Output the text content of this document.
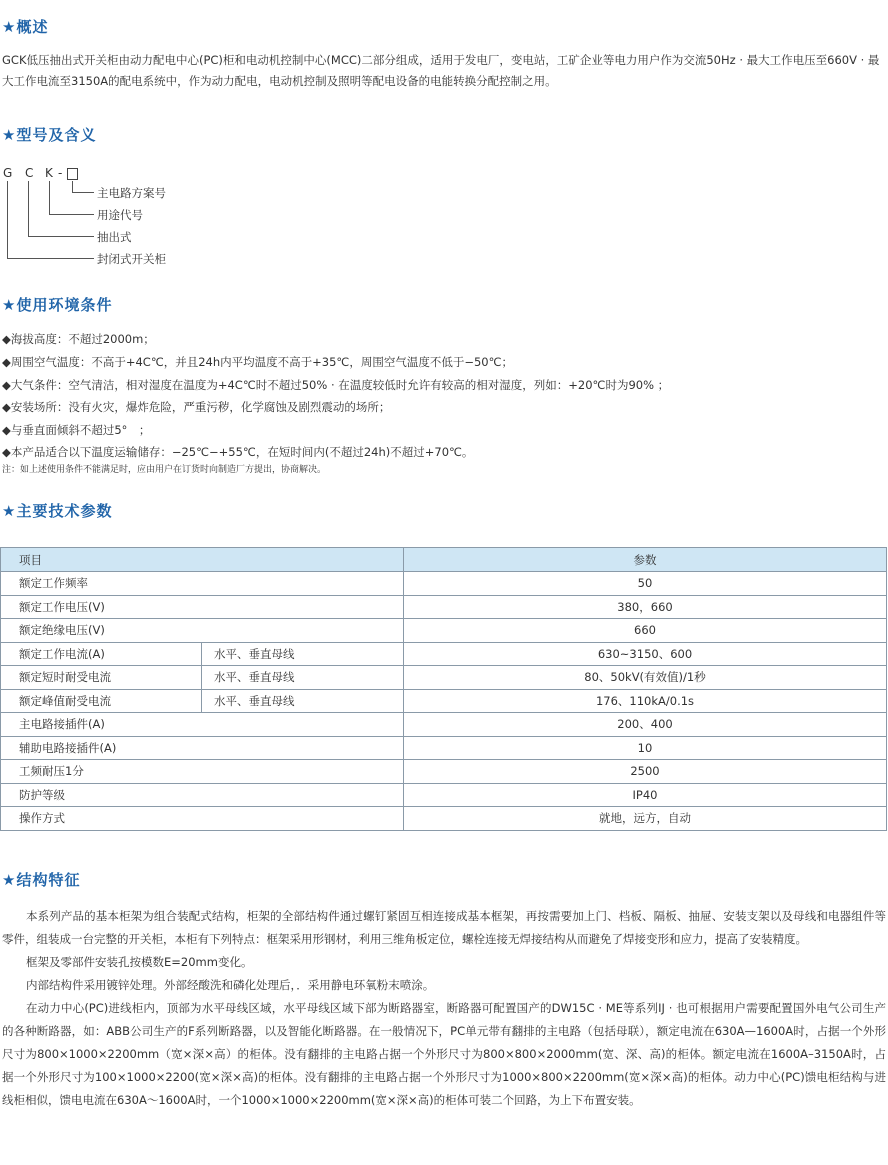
★概述
GCK低压抽出式开关柜由动力配电中心(PC)柜和电动机控制中心(MCC)二部分组成，适用于发电厂，变电站，工矿企业等电力用户作为交流50Hz · 最大工作电压至660V · 最大工作电流至3150A的配电系统中，作为动力配电，电动机控制及照明等配电设备的电能转换分配控制之用。
★型号及含义
G C K -
主电路方案号
用途代号
抽出式
封闭式开关柜
★使用环境条件
◆海拔高度：不超过2000m；
◆周围空气温度：不高于+4C℃，并且24h内平均温度不高于+35℃，周围空气温度不低于−50℃；
◆大气条件：空气清洁，相对湿度在温度为+4C℃时不超过50% · 在温度较低时允许有较高的相对湿度，列如：+20℃时为90% ；
◆安装场所：没有火灾，爆炸危险，严重污秽，化学腐蚀及剧烈震动的场所；
◆与垂直面倾斜不超过5°　；
◆本产品适合以下温度运输储存：−25℃−+55℃，在短时间内(不超过24h)不超过+70℃。
注：如上述使用条件不能满足时，应由用户在订货时向制造厂方提出，协商解决。
★主要技术参数
项目		参数
额定工作频率		50
额定工作电压(V)		380，660
额定绝缘电压(V)		660
额定工作电流(A)	水平、垂直母线	630~3150、600
额定短时耐受电流	水平、垂直母线	80、50kV(有效值)/1秒
额定峰值耐受电流	水平、垂直母线	176、110kA/0.1s
主电路接插件(A)		200、400
辅助电路接插件(A)		10
工频耐压1分		2500
防护等级		IP40
操作方式		就地，远方，自动
★结构特征

本系列产品的基本柜架为组合装配式结构，柜架的全部结构件通过螺钉紧固互相连接成基本框架，再按需要加上门、档板、隔板、抽屉、安装支架以及母线和电器组件等零件，组装成一台完整的开关柜，本柜有下列特点：框架采用形钢材，利用三维角板定位，螺栓连接无焊接结构从而避免了焊接变形和应力，提高了安装精度。

框架及零部件安装孔按模数E=20mm变化。

内部结构件采用镀锌处理。外部经酸洗和磷化处理后，．采用静电环氧粉末喷涂。

在动力中心(PC)进线柜内，顶部为水平母线区域，水平母线区域下部为断路器室，断路器可配置国产的DW15C · ME等系列IJ · 也可根据用户需要配置国外电气公司生产的各种断路器，如：ABB公司生产的F系列断路器，以及智能化断路器。在一般情况下，PC单元带有翻排的主电路（包括母联），额定电流在630A—1600A时，占据一个外形尺寸为800×1000×2200mm（宽×深×高）的柜体。没有翻排的主电路占据一个外形尺寸为800×800×2000mm(宽、深、高)的柜体。额定电流在1600A–3150A时，占据一个外形尺寸为100×1000×2200(宽×深×高)的柜体。没有翻排的主电路占据一个外形尺寸为1000×800×2200mm(宽×深×高)的柜体。动力中心(PC)馈电柜结构与进线柜相似，馈电电流在630A～1600A时，一个1000×1000×2200mm(宽×深×高)的柜体可装二个回路，为上下布置安装。
